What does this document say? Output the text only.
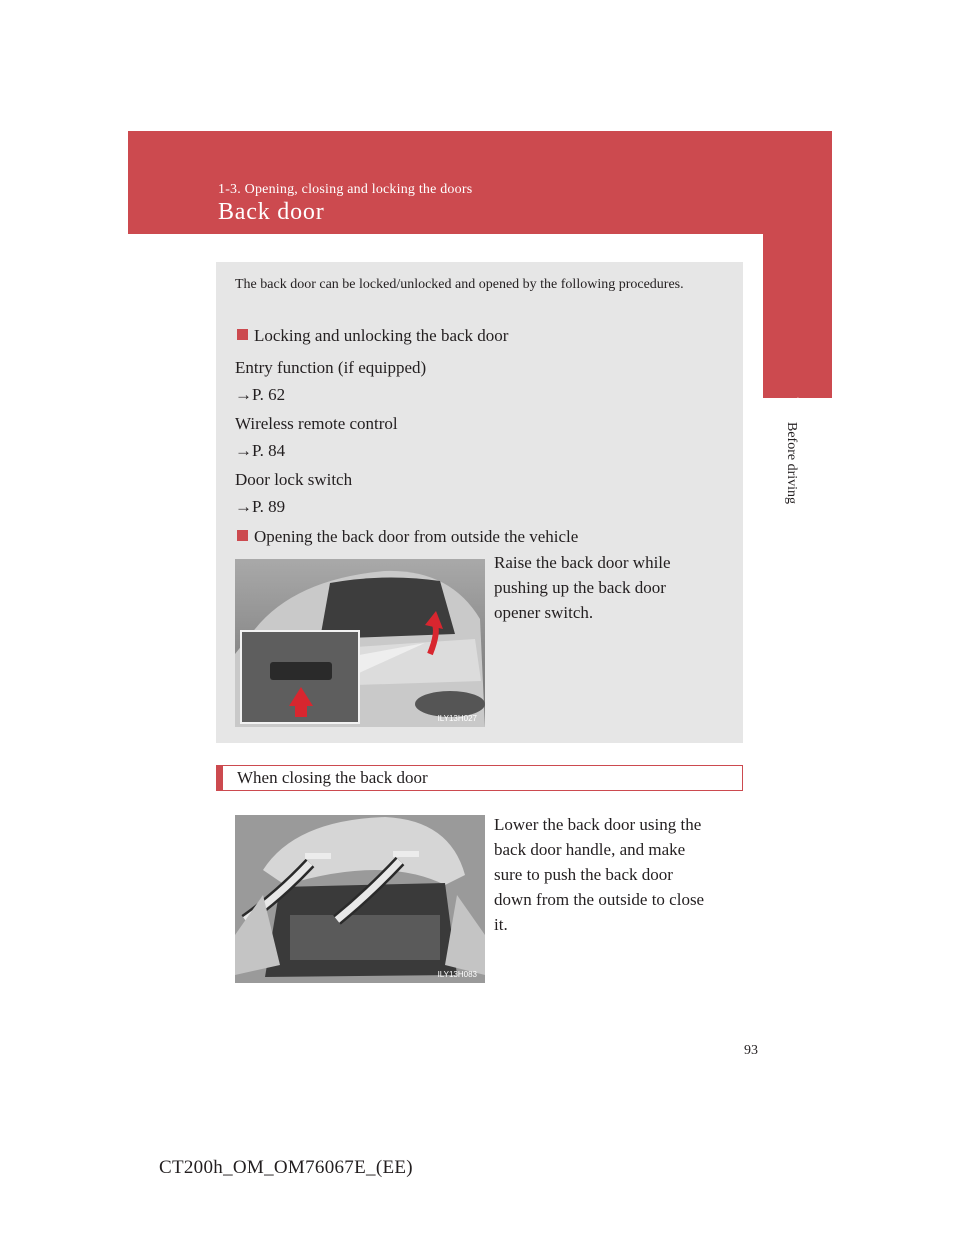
1-3. Opening, closing and locking the doors
Back door
1
Before driving
The back door can be locked/unlocked and opened by the following procedures.
Locking and unlocking the back door
Entry function (if equipped)
→P. 62
Wireless remote control
→P. 84
Door lock switch
→P. 89
Opening the back door from outside the vehicle
ILY13H027
Raise the back door while
pushing up the back door
opener switch.
When closing the back door
ILY13H083
Lower the back door using the
back door handle, and make
sure to push the back door
down from the outside to close
it.
93
CT200h_OM_OM76067E_(EE)
